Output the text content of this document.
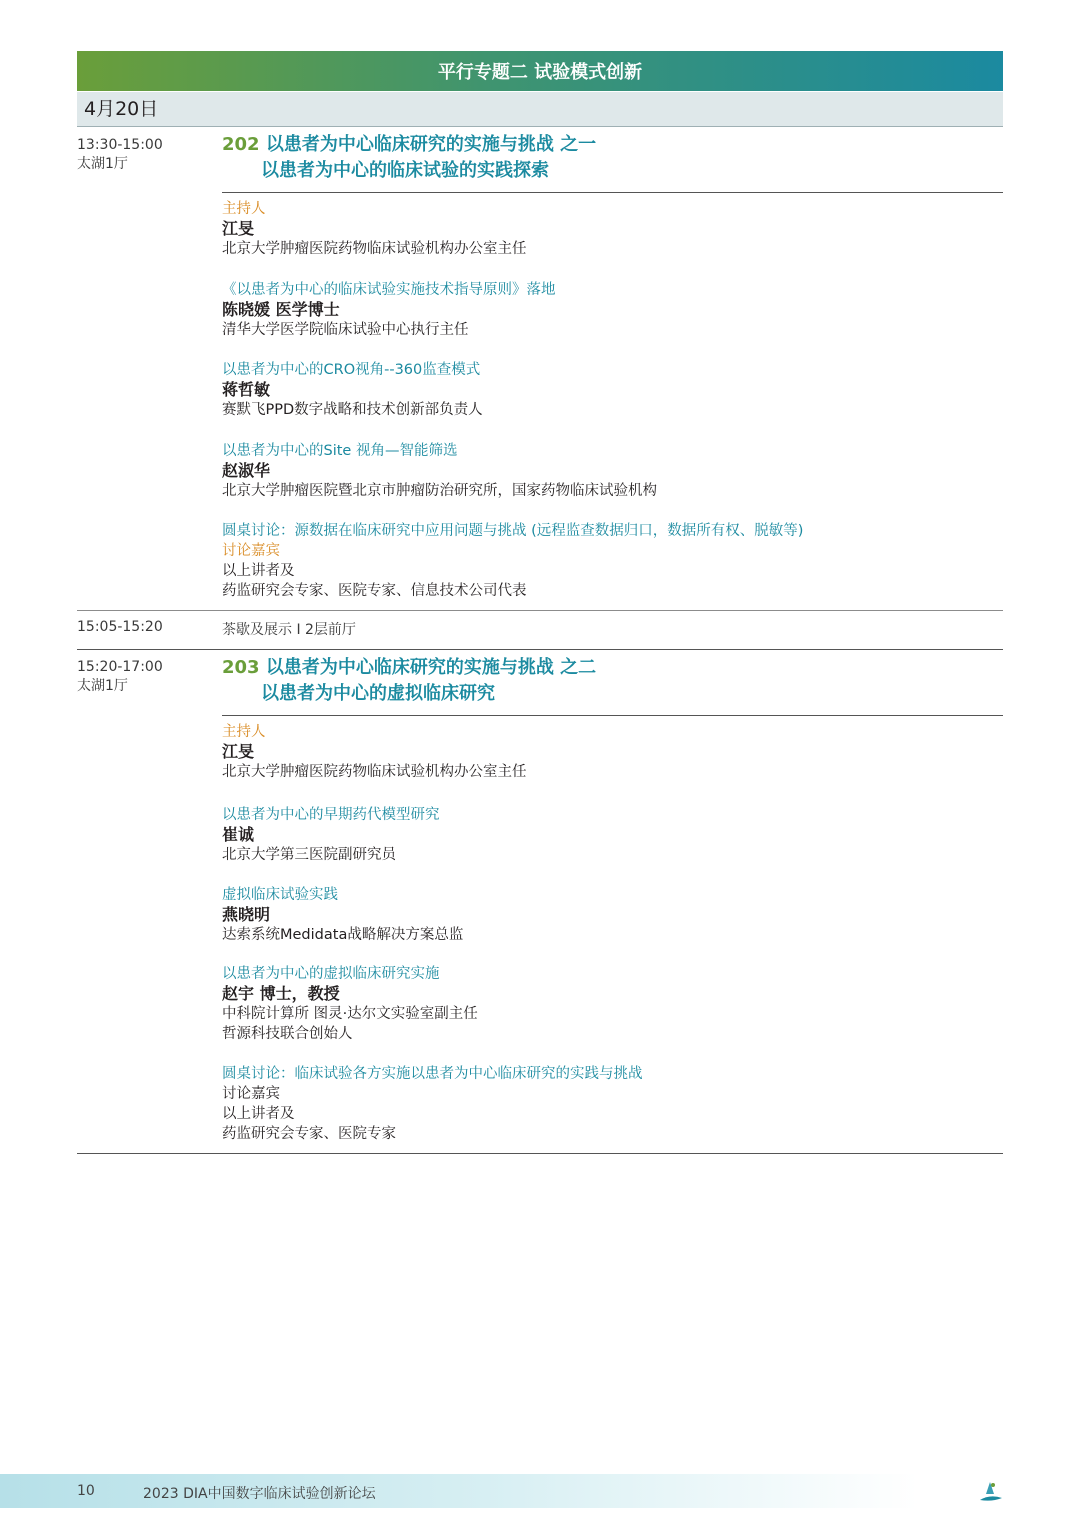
平行专题二 试验模式创新
4月20日
13:30-15:00
太湖1厅
202 以患者为中心临床研究的实施与挑战 之一
以患者为中心的临床试验的实践探索
主持人
江旻
北京大学肿瘤医院药物临床试验机构办公室主任
《以患者为中心的临床试验实施技术指导原则》落地
陈晓媛 医学博士
清华大学医学院临床试验中心执行主任
以患者为中心的CRO视角--360监查模式
蒋哲敏
赛默飞PPD数字战略和技术创新部负责人
以患者为中心的Site 视角—智能筛选
赵淑华
北京大学肿瘤医院暨北京市肿瘤防治研究所，国家药物临床试验机构
圆桌讨论：源数据在临床研究中应用问题与挑战 (远程监查数据归口，数据所有权、脱敏等)
讨论嘉宾
以上讲者及
药监研究会专家、医院专家、信息技术公司代表
15:05-15:20	茶歇及展示 Ι 2层前厅
15:20-17:00
太湖1厅
203 以患者为中心临床研究的实施与挑战 之二
以患者为中心的虚拟临床研究
主持人
江旻
北京大学肿瘤医院药物临床试验机构办公室主任
以患者为中心的早期药代模型研究
崔诚
北京大学第三医院副研究员
虚拟临床试验实践
燕晓明
达索系统Medidata战略解决方案总监
以患者为中心的虚拟临床研究实施
赵宇 博士，教授
中科院计算所 图灵·达尔文实验室副主任
哲源科技联合创始人
圆桌讨论：临床试验各方实施以患者为中心临床研究的实践与挑战
讨论嘉宾
以上讲者及
药监研究会专家、医院专家
10	2023 DIA中国数字临床试验创新论坛
